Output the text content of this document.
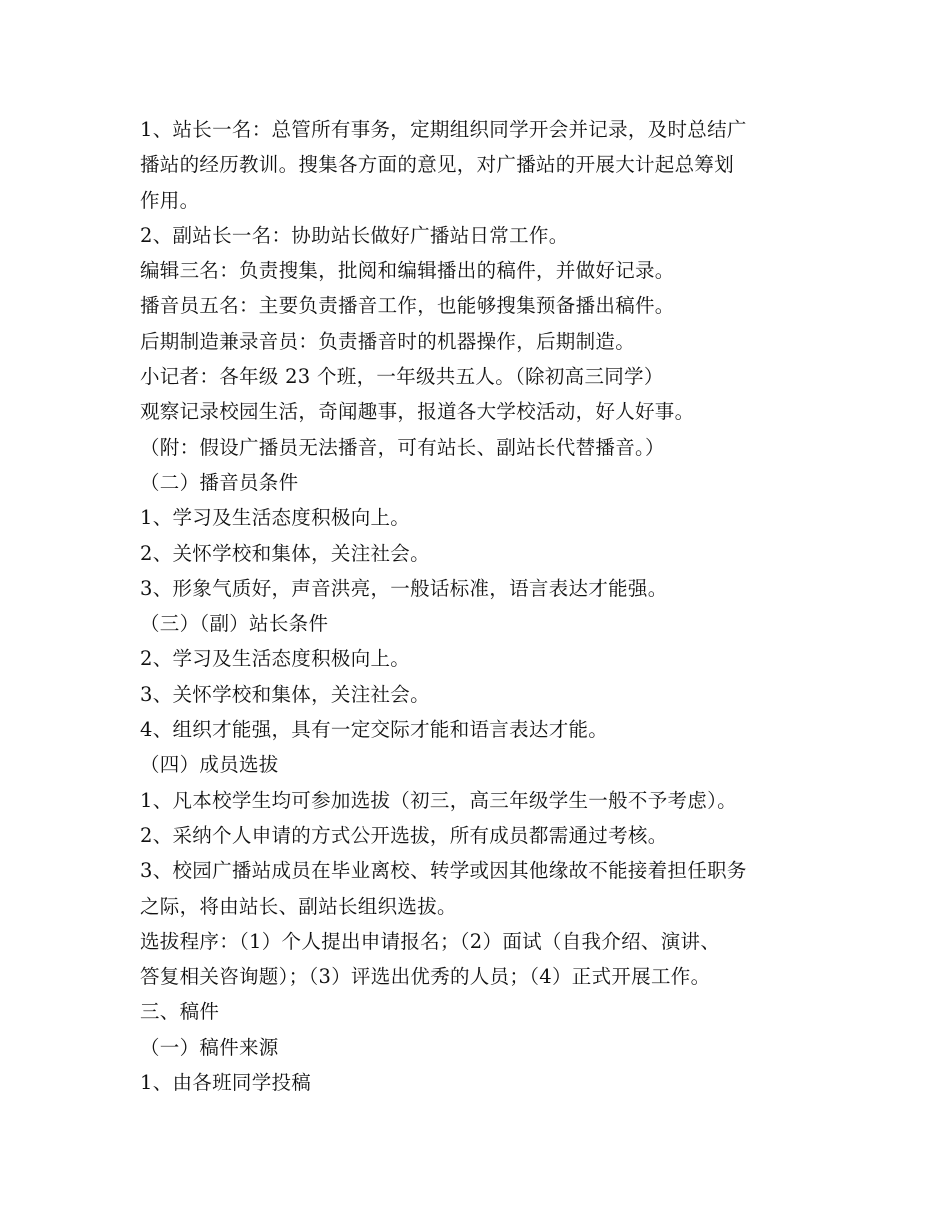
1、站长一名：总管所有事务，定期组织同学开会并记录，及时总结广
播站的经历教训。搜集各方面的意见，对广播站的开展大计起总筹划
作用。
2、副站长一名：协助站长做好广播站日常工作。
编辑三名：负责搜集，批阅和编辑播出的稿件，并做好记录。
播音员五名：主要负责播音工作，也能够搜集预备播出稿件。
后期制造兼录音员：负责播音时的机器操作，后期制造。
小记者：各年级 23 个班，一年级共五人。（除初高三同学）
观察记录校园生活，奇闻趣事，报道各大学校活动，好人好事。
（附：假设广播员无法播音，可有站长、副站长代替播音。）
（二）播音员条件
1、学习及生活态度积极向上。
2、关怀学校和集体，关注社会。
3、形象气质好，声音洪亮，一般话标准，语言表达才能强。
（三）（副）站长条件
2、学习及生活态度积极向上。
3、关怀学校和集体，关注社会。
4、组织才能强，具有一定交际才能和语言表达才能。
（四）成员选拔
1、凡本校学生均可参加选拔（初三，高三年级学生一般不予考虑）。
2、采纳个人申请的方式公开选拔，所有成员都需通过考核。
3、校园广播站成员在毕业离校、转学或因其他缘故不能接着担任职务
之际，将由站长、副站长组织选拔。
选拔程序：（1）个人提出申请报名；（2）面试（自我介绍、演讲、
答复相关咨询题）；（3）评选出优秀的人员；（4）正式开展工作。
三、稿件
（一）稿件来源
1、由各班同学投稿
